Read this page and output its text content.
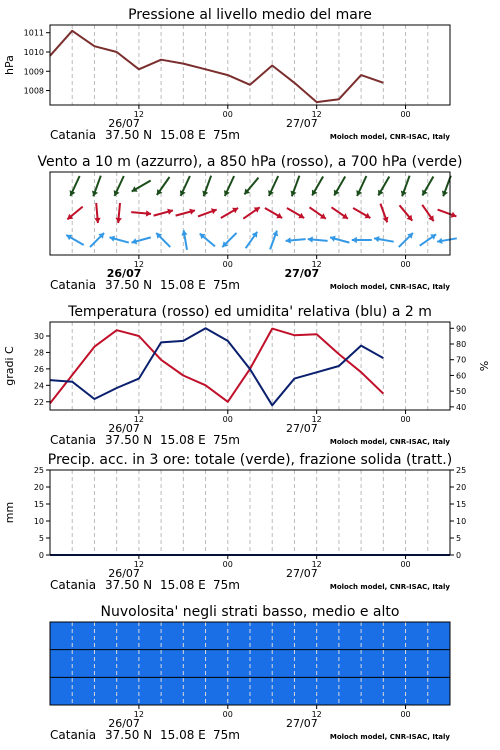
Pressione al livello medio del mare
1008
1009
1010
1011
hPa
12	00	12	00
26/07	27/07
Catania 37.50 N 15.08 E 75m	Moloch model, CNR-ISAC, Italy
Vento a 10 m (azzurro), a 850 hPa (rosso), a 700 hPa (verde)
12	00	12	00
26/07	27/07
Catania 37.50 N 15.08 E 75m	Moloch model, CNR-ISAC, Italy
Temperatura (rosso) ed umidita' relativa (blu) a 2 m
22
24
26
28
30
40
50
60
70
80
90
gradi C	%
12	00	12	00
26/07	27/07
Catania 37.50 N 15.08 E 75m	Moloch model, CNR-ISAC, Italy
Precip. acc. in 3 ore: totale (verde), frazione solida (tratt.)
0
5
10
15
20
25
0
5
10
15
20
25
mm
12	00	12	00
26/07	27/07
Catania 37.50 N 15.08 E 75m	Moloch model, CNR-ISAC, Italy
Nuvolosita' negli strati basso, medio e alto
12	00	12	00
26/07	27/07
Catania 37.50 N 15.08 E 75m	Moloch model, CNR-ISAC, Italy
